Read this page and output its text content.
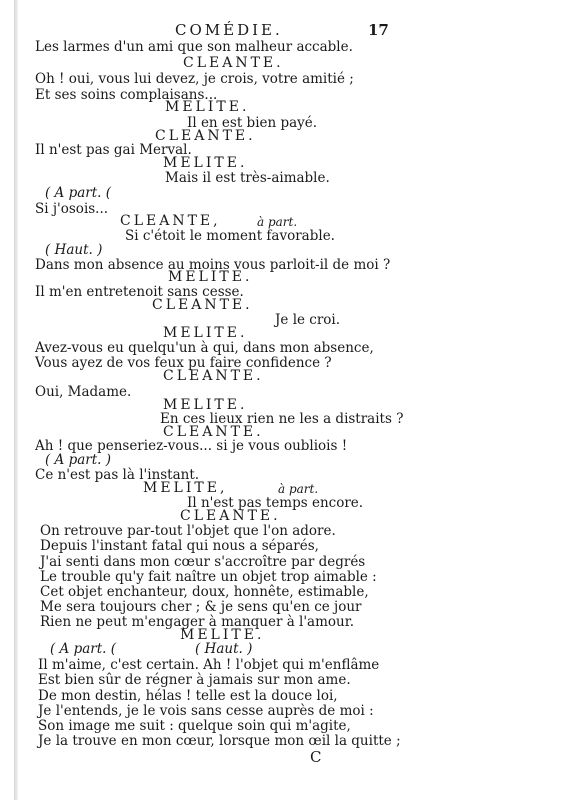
COMÉDIE.	17
Les larmes d'un ami que son malheur accable.
CLEANTE.
Oh ! oui, vous lui devez, je crois, votre amitié ;
Et ses soins complaisans...
MELITE.
Il en est bien payé.
CLEANTE.
Il n'est pas gai Merval.
MELITE.
Mais il est très-aimable.
( A part. (
Si j'osois...
CLEANTE,	à part.
Si c'étoit le moment favorable.
( Haut. )
Dans mon absence au moins vous parloit-il de moi ?
MELITE.
Il m'en entretenoit sans cesse.
CLEANTE.
Je le croi.
MELITE.
Avez-vous eu quelqu'un à qui, dans mon absence,
Vous ayez de vos feux pu faire confidence ?
CLEANTE.
Oui, Madame.
MELITE.
En ces lieux rien ne les a distraits ?
CLEANTE.
Ah ! que penseriez-vous... si je vous oubliois !
( A part. )
Ce n'est pas là l'instant.
MELITE,	à part.
Il n'est pas temps encore.
CLEANTE.
On retrouve par-tout l'objet que l'on adore.
Depuis l'instant fatal qui nous a séparés,
J'ai senti dans mon cœur s'accroître par degrés
Le trouble qu'y fait naître un objet trop aimable :
Cet objet enchanteur, doux, honnête, estimable,
Me sera toujours cher ; & je sens qu'en ce jour
Rien ne peut m'engager à manquer à l'amour.
MELITE.
( A part. (	( Haut. )
Il m'aime, c'est certain. Ah ! l'objet qui m'enflâme
Est bien sûr de régner à jamais sur mon ame.
De mon destin, hélas ! telle est la douce loi,
Je l'entends, je le vois sans cesse auprès de moi :
Son image me suit : quelque soin qui m'agite,
Je la trouve en mon cœur, lorsque mon œil la quitte ;
C
